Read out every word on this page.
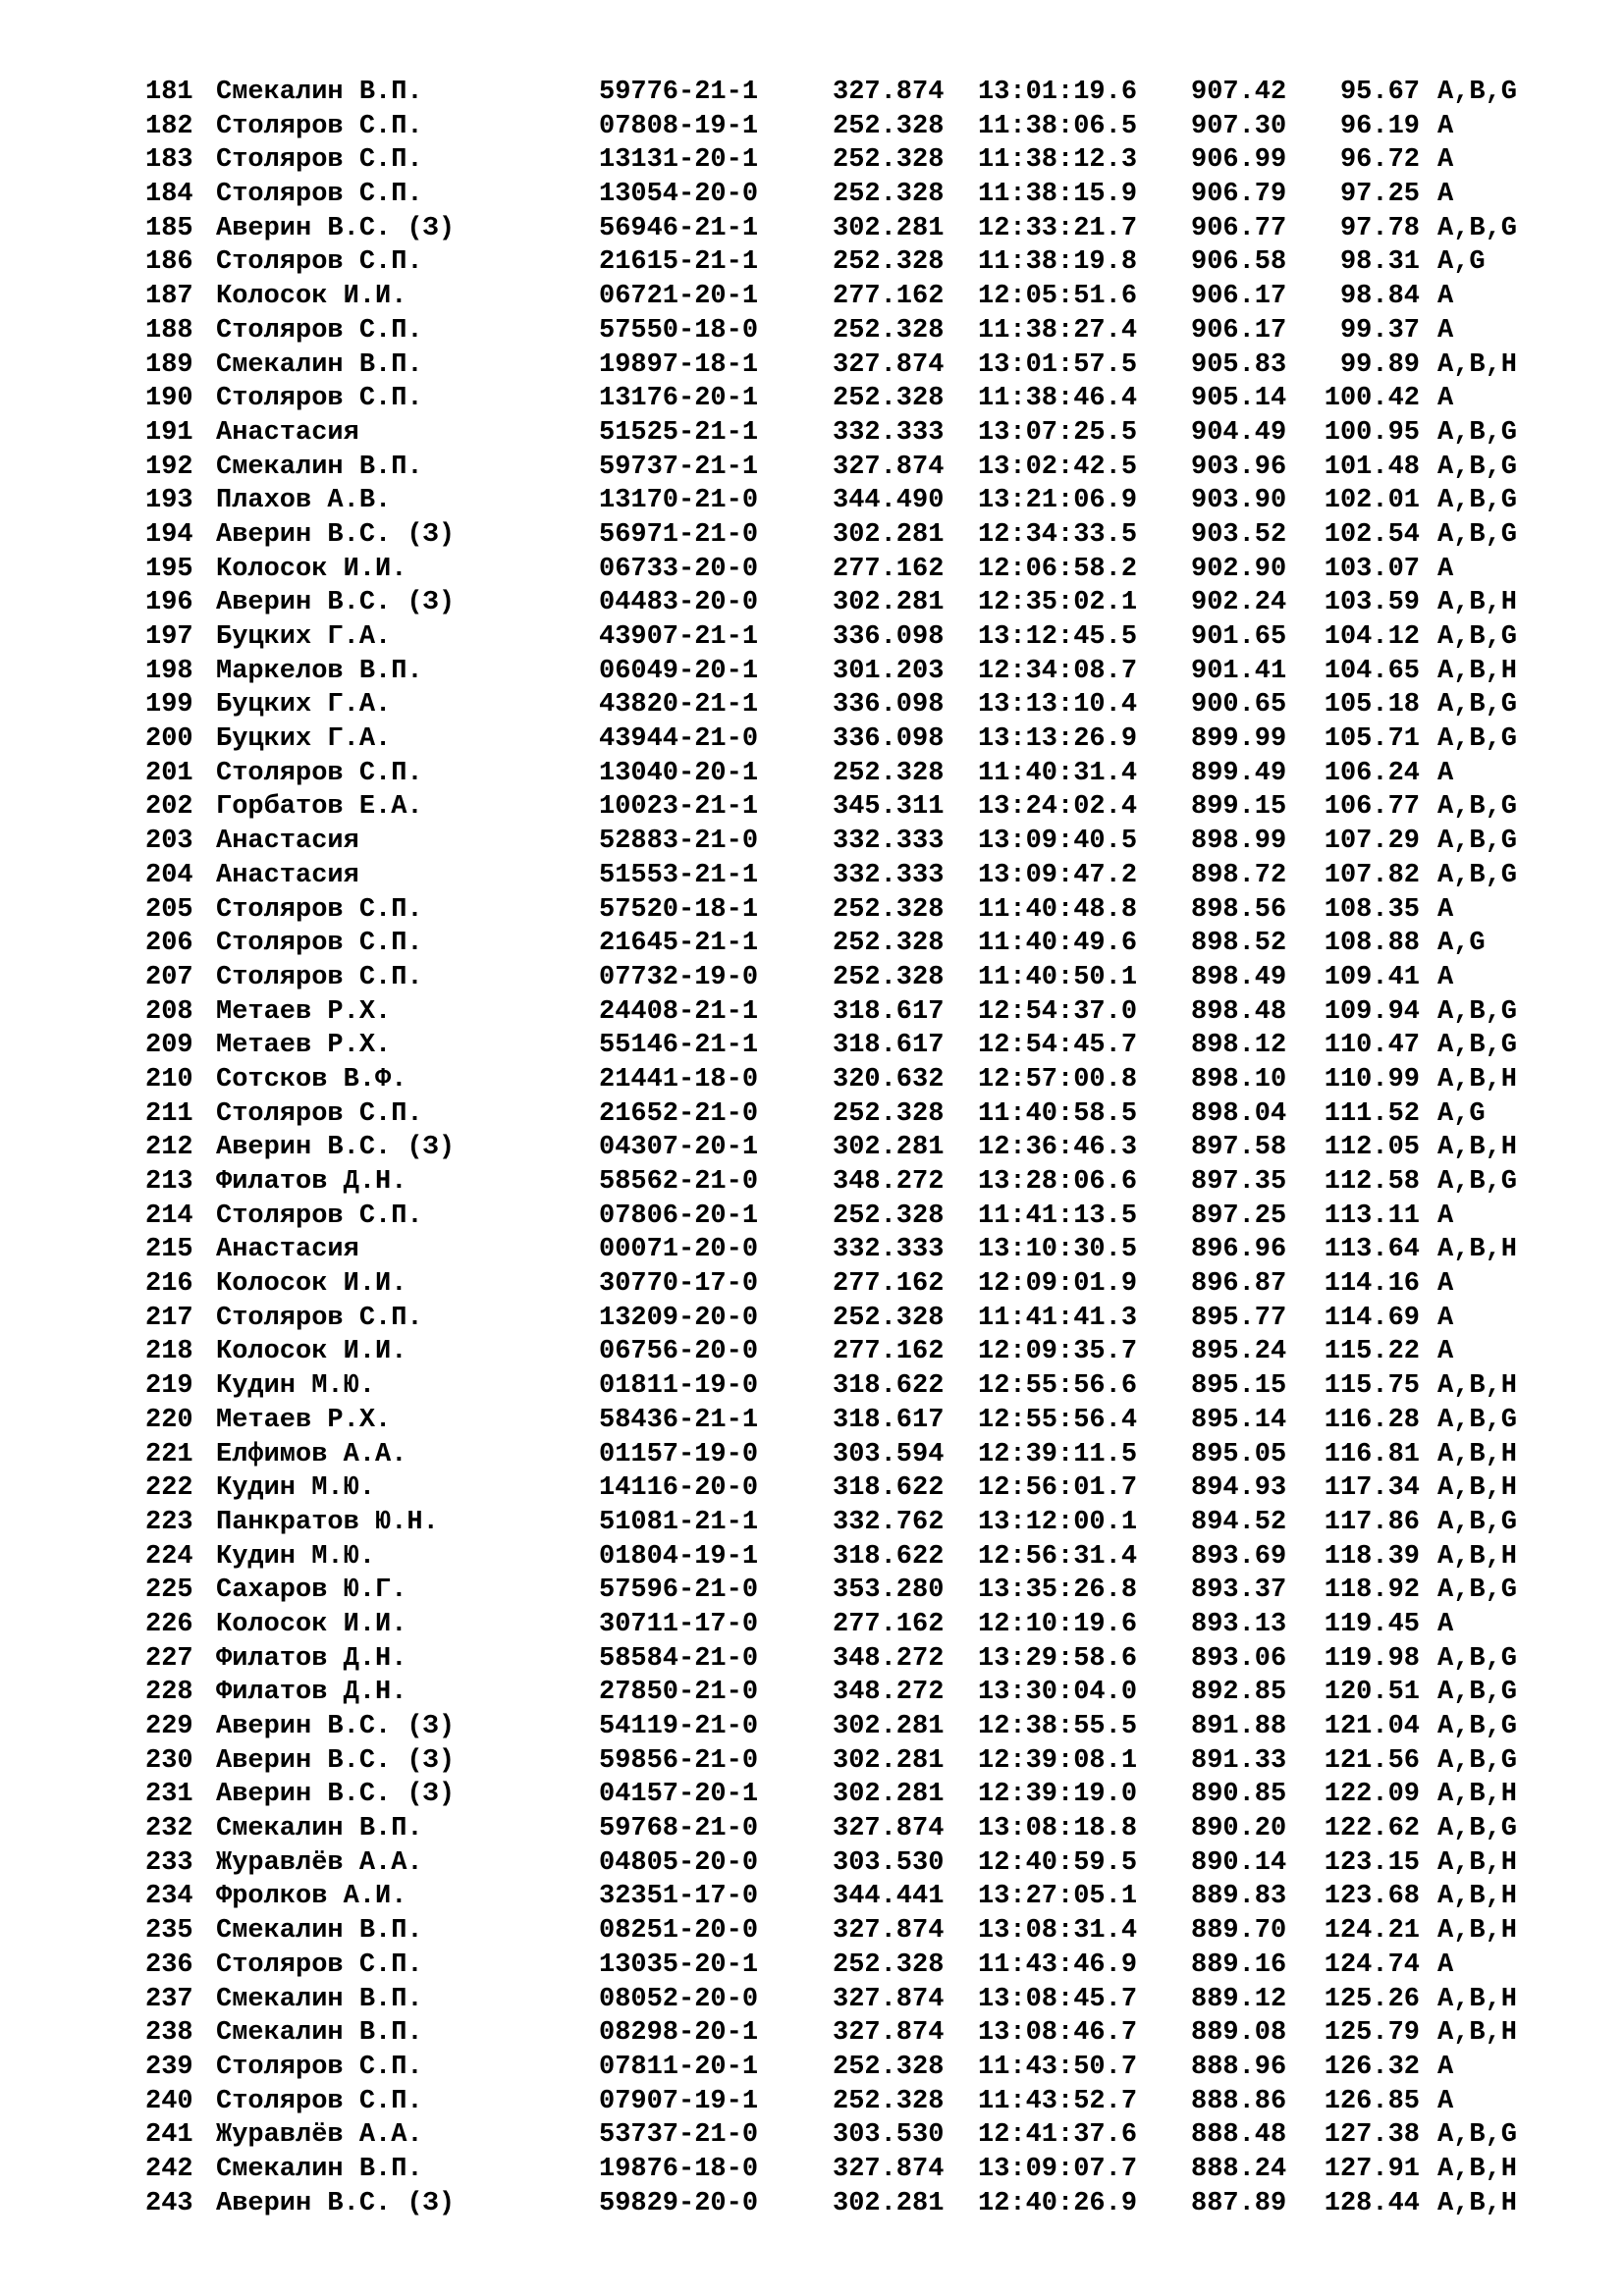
181 Смекалин В.П.	59776-21-1	327.874 13:01:19.6 907.42	95.67 A,B,G
182 Столяров С.П.	07808-19-1	252.328 11:38:06.5 907.30	96.19 A
183 Столяров С.П.	13131-20-1	252.328 11:38:12.3 906.99	96.72 A
184 Столяров С.П.	13054-20-0	252.328 11:38:15.9 906.79	97.25 A
185 Аверин В.С. (З)	56946-21-1	302.281 12:33:21.7 906.77	97.78 A,B,G
186 Столяров С.П.	21615-21-1	252.328 11:38:19.8 906.58	98.31 A,G
187 Колосок И.И.	06721-20-1	277.162 12:05:51.6 906.17	98.84 A
188 Столяров С.П.	57550-18-0	252.328 11:38:27.4 906.17	99.37 A
189 Смекалин В.П.	19897-18-1	327.874 13:01:57.5 905.83	99.89 A,B,H
190 Столяров С.П.	13176-20-1	252.328 11:38:46.4 905.14 100.42 A
191 Анастасия	51525-21-1	332.333 13:07:25.5 904.49 100.95 A,B,G
192 Смекалин В.П.	59737-21-1	327.874 13:02:42.5 903.96 101.48 A,B,G
193 Плахов А.В.	13170-21-0	344.490 13:21:06.9 903.90 102.01 A,B,G
194 Аверин В.С. (З)	56971-21-0	302.281 12:34:33.5 903.52 102.54 A,B,G
195 Колосок И.И.	06733-20-0	277.162 12:06:58.2 902.90 103.07 A
196 Аверин В.С. (З)	04483-20-0	302.281 12:35:02.1 902.24 103.59 A,B,H
197 Буцких Г.А.	43907-21-1	336.098 13:12:45.5 901.65 104.12 A,B,G
198 Маркелов В.П.	06049-20-1	301.203 12:34:08.7 901.41 104.65 A,B,H
199 Буцких Г.А.	43820-21-1	336.098 13:13:10.4 900.65 105.18 A,B,G
200 Буцких Г.А.	43944-21-0	336.098 13:13:26.9 899.99 105.71 A,B,G
201 Столяров С.П.	13040-20-1	252.328 11:40:31.4 899.49 106.24 A
202 Горбатов Е.А.	10023-21-1	345.311 13:24:02.4 899.15 106.77 A,B,G
203 Анастасия	52883-21-0	332.333 13:09:40.5 898.99 107.29 A,B,G
204 Анастасия	51553-21-1	332.333 13:09:47.2 898.72 107.82 A,B,G
205 Столяров С.П.	57520-18-1	252.328 11:40:48.8 898.56 108.35 A
206 Столяров С.П.	21645-21-1	252.328 11:40:49.6 898.52 108.88 A,G
207 Столяров С.П.	07732-19-0	252.328 11:40:50.1 898.49 109.41 A
208 Метаев Р.Х.	24408-21-1	318.617 12:54:37.0 898.48 109.94 A,B,G
209 Метаев Р.Х.	55146-21-1	318.617 12:54:45.7 898.12 110.47 A,B,G
210 Сотсков В.Ф.	21441-18-0	320.632 12:57:00.8 898.10 110.99 A,B,H
211 Столяров С.П.	21652-21-0	252.328 11:40:58.5 898.04 111.52 A,G
212 Аверин В.С. (З)	04307-20-1	302.281 12:36:46.3 897.58 112.05 A,B,H
213 Филатов Д.Н.	58562-21-0	348.272 13:28:06.6 897.35 112.58 A,B,G
214 Столяров С.П.	07806-20-1	252.328 11:41:13.5 897.25 113.11 A
215 Анастасия	00071-20-0	332.333 13:10:30.5 896.96 113.64 A,B,H
216 Колосок И.И.	30770-17-0	277.162 12:09:01.9 896.87 114.16 A
217 Столяров С.П.	13209-20-0	252.328 11:41:41.3 895.77 114.69 A
218 Колосок И.И.	06756-20-0	277.162 12:09:35.7 895.24 115.22 A
219 Кудин М.Ю.	01811-19-0	318.622 12:55:56.6 895.15 115.75 A,B,H
220 Метаев Р.Х.	58436-21-1	318.617 12:55:56.4 895.14 116.28 A,B,G
221 Елфимов А.А.	01157-19-0	303.594 12:39:11.5 895.05 116.81 A,B,H
222 Кудин М.Ю.	14116-20-0	318.622 12:56:01.7 894.93 117.34 A,B,H
223 Панкратов Ю.Н.	51081-21-1	332.762 13:12:00.1 894.52 117.86 A,B,G
224 Кудин М.Ю.	01804-19-1	318.622 12:56:31.4 893.69 118.39 A,B,H
225 Сахаров Ю.Г.	57596-21-0	353.280 13:35:26.8 893.37 118.92 A,B,G
226 Колосок И.И.	30711-17-0	277.162 12:10:19.6 893.13 119.45 A
227 Филатов Д.Н.	58584-21-0	348.272 13:29:58.6 893.06 119.98 A,B,G
228 Филатов Д.Н.	27850-21-0	348.272 13:30:04.0 892.85 120.51 A,B,G
229 Аверин В.С. (З)	54119-21-0	302.281 12:38:55.5 891.88 121.04 A,B,G
230 Аверин В.С. (З)	59856-21-0	302.281 12:39:08.1 891.33 121.56 A,B,G
231 Аверин В.С. (З)	04157-20-1	302.281 12:39:19.0 890.85 122.09 A,B,H
232 Смекалин В.П.	59768-21-0	327.874 13:08:18.8 890.20 122.62 A,B,G
233 Журавлёв А.А.	04805-20-0	303.530 12:40:59.5 890.14 123.15 A,B,H
234 Фролков А.И.	32351-17-0	344.441 13:27:05.1 889.83 123.68 A,B,H
235 Смекалин В.П.	08251-20-0	327.874 13:08:31.4 889.70 124.21 A,B,H
236 Столяров С.П.	13035-20-1	252.328 11:43:46.9 889.16 124.74 A
237 Смекалин В.П.	08052-20-0	327.874 13:08:45.7 889.12 125.26 A,B,H
238 Смекалин В.П.	08298-20-1	327.874 13:08:46.7 889.08 125.79 A,B,H
239 Столяров С.П.	07811-20-1	252.328 11:43:50.7 888.96 126.32 A
240 Столяров С.П.	07907-19-1	252.328 11:43:52.7 888.86 126.85 A
241 Журавлёв А.А.	53737-21-0	303.530 12:41:37.6 888.48 127.38 A,B,G
242 Смекалин В.П.	19876-18-0	327.874 13:09:07.7 888.24 127.91 A,B,H
243 Аверин В.С. (З)	59829-20-0	302.281 12:40:26.9 887.89 128.44 A,B,H
